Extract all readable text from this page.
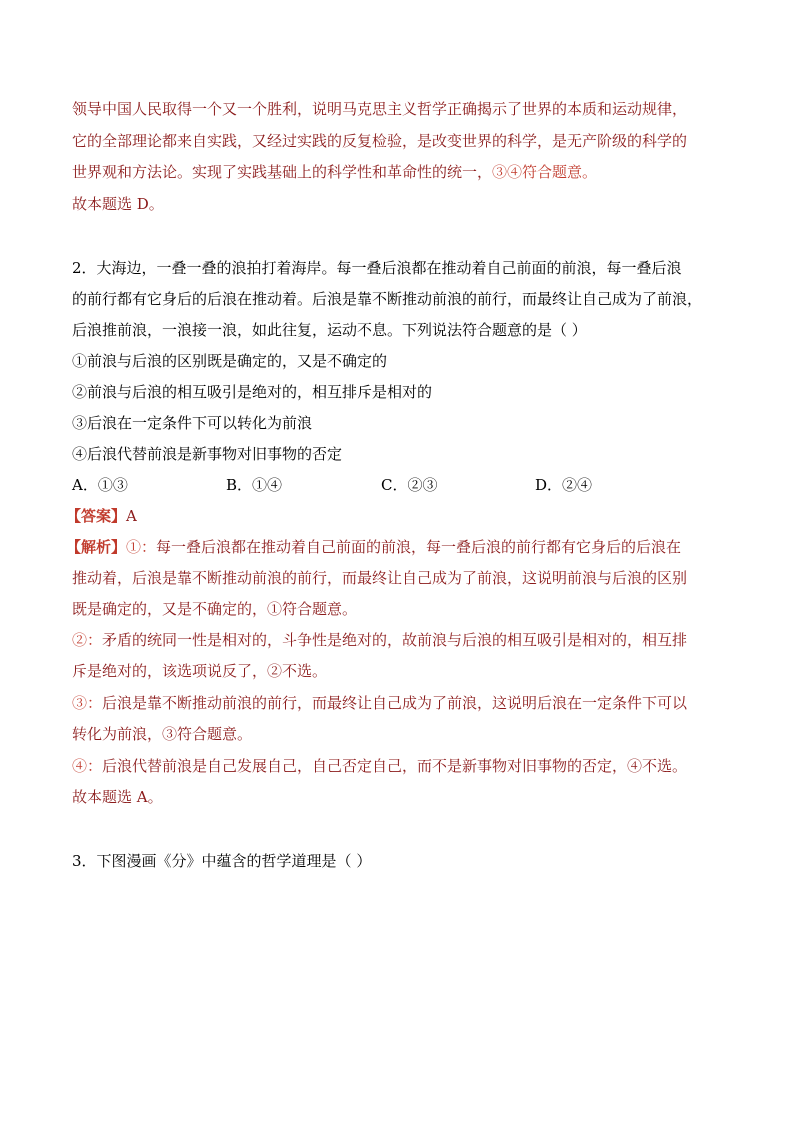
领导中国人民取得一个又一个胜利，说明马克思主义哲学正确揭示了世界的本质和运动规律，
它的全部理论都来自实践，又经过实践的反复检验，是改变世界的科学，是无产阶级的科学的
世界观和方法论。实现了实践基础上的科学性和革命性的统一，③④符合题意。
故本题选 D。
2．大海边，一叠一叠的浪拍打着海岸。每一叠后浪都在推动着自己前面的前浪，每一叠后浪
的前行都有它身后的后浪在推动着。后浪是靠不断推动前浪的前行，而最终让自己成为了前浪，
后浪推前浪，一浪接一浪，如此往复，运动不息。下列说法符合题意的是（ ）
①前浪与后浪的区别既是确定的，又是不确定的
②前浪与后浪的相互吸引是绝对的，相互排斥是相对的
③后浪在一定条件下可以转化为前浪
④后浪代替前浪是新事物对旧事物的否定
A．①③	B．①④	C．②③	D．②④
【答案】A
【解析】①：每一叠后浪都在推动着自己前面的前浪，每一叠后浪的前行都有它身后的后浪在
推动着，后浪是靠不断推动前浪的前行，而最终让自己成为了前浪，这说明前浪与后浪的区别
既是确定的，又是不确定的，①符合题意。
②：矛盾的统同一性是相对的，斗争性是绝对的，故前浪与后浪的相互吸引是相对的，相互排
斥是绝对的，该选项说反了，②不选。
③：后浪是靠不断推动前浪的前行，而最终让自己成为了前浪，这说明后浪在一定条件下可以
转化为前浪，③符合题意。
④：后浪代替前浪是自己发展自己，自己否定自己，而不是新事物对旧事物的否定，④不选。
故本题选 A。
3．下图漫画《分》中蕴含的哲学道理是（ ）
